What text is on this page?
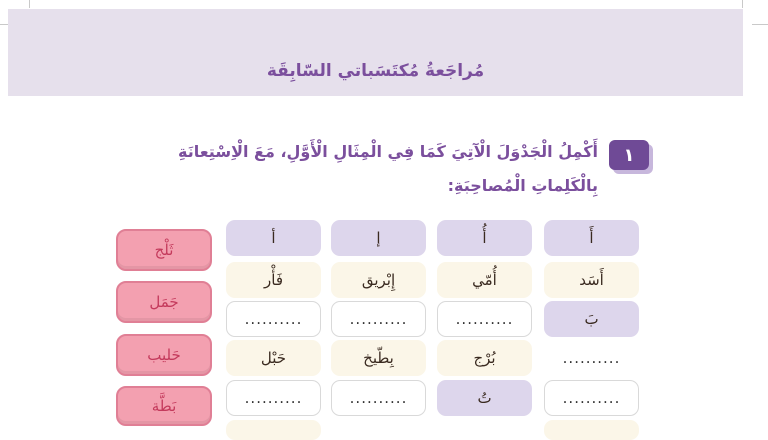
مُراجَعةُ مُكتَسَباتي السّابِقَة
١
أَكْمِلُ الْجَدْوَلَ الْآتِيَ كَمَا فِي الْمِثَالِ الْأَوَّلِ، مَعَ الْاِسْتِعانَةِ
بِالْكَلِماتِ الْمُصاحِبَةِ:
أَ
أُ
إ
أ
أَسَد
أُمّي
إِبْريق
فَأْر
بَ
..........
..........
..........
..........
بُرْج
بِطّيخ
حَبْل
..........
تُ
..........
..........
ثَلْج
جَمَل
حَليب
بَطَّة
